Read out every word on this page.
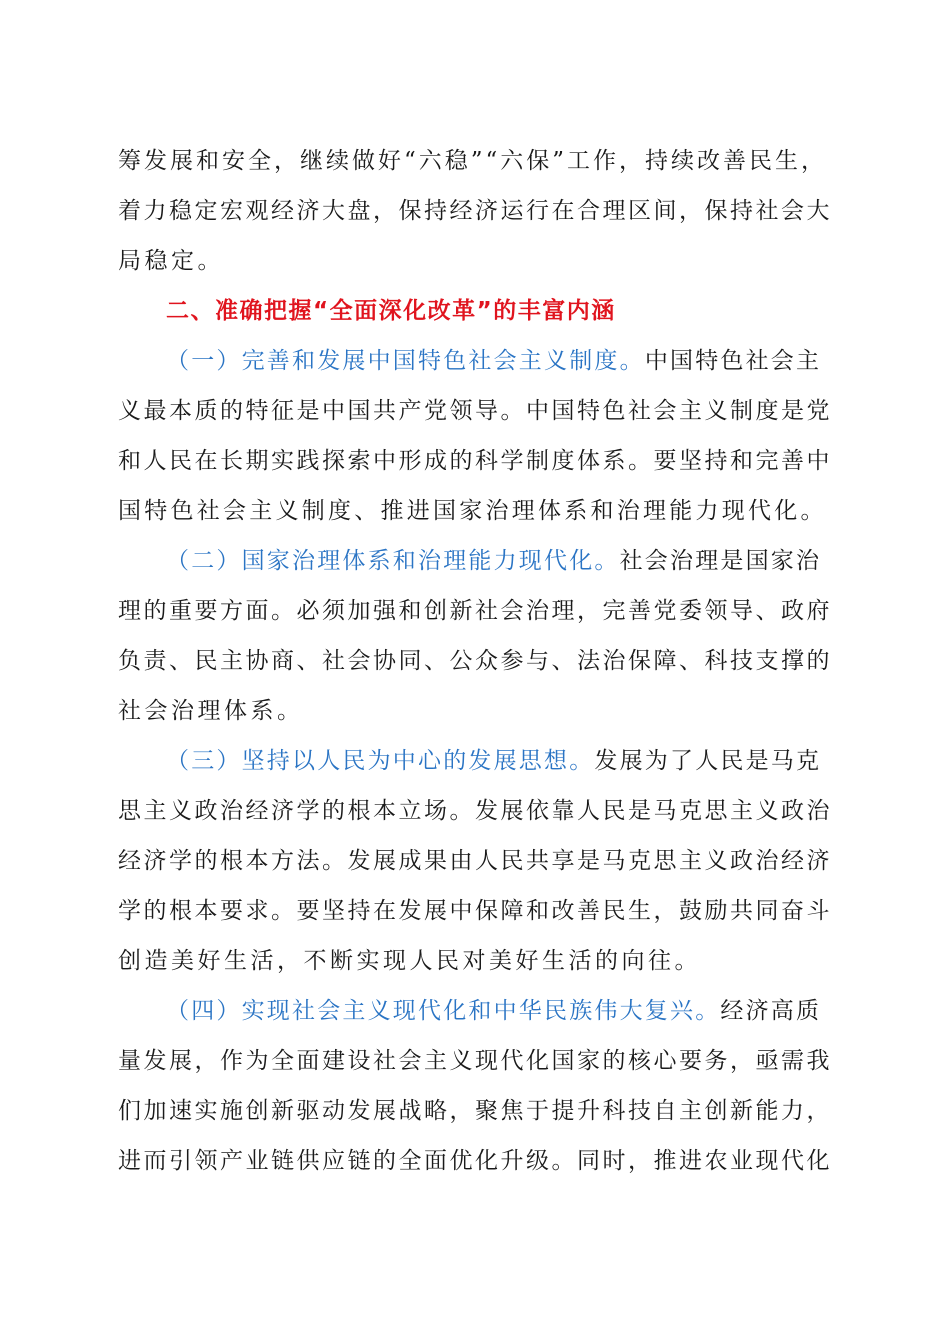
筹发展和安全，继续做好“六稳”“六保”工作，持续改善民生，
着力稳定宏观经济大盘，保持经济运行在合理区间，保持社会大
局稳定。
二、准确把握“全面深化改革”的丰富内涵
（一）完善和发展中国特色社会主义制度。中国特色社会主
义最本质的特征是中国共产党领导。中国特色社会主义制度是党
和人民在长期实践探索中形成的科学制度体系。要坚持和完善中
国特色社会主义制度、推进国家治理体系和治理能力现代化。
（二）国家治理体系和治理能力现代化。社会治理是国家治
理的重要方面。必须加强和创新社会治理，完善党委领导、政府
负责、民主协商、社会协同、公众参与、法治保障、科技支撑的
社会治理体系。
（三）坚持以人民为中心的发展思想。发展为了人民是马克
思主义政治经济学的根本立场。发展依靠人民是马克思主义政治
经济学的根本方法。发展成果由人民共享是马克思主义政治经济
学的根本要求。要坚持在发展中保障和改善民生，鼓励共同奋斗
创造美好生活，不断实现人民对美好生活的向往。
（四）实现社会主义现代化和中华民族伟大复兴。经济高质
量发展，作为全面建设社会主义现代化国家的核心要务，亟需我
们加速实施创新驱动发展战略，聚焦于提升科技自主创新能力，
进而引领产业链供应链的全面优化升级。同时，推进农业现代化
